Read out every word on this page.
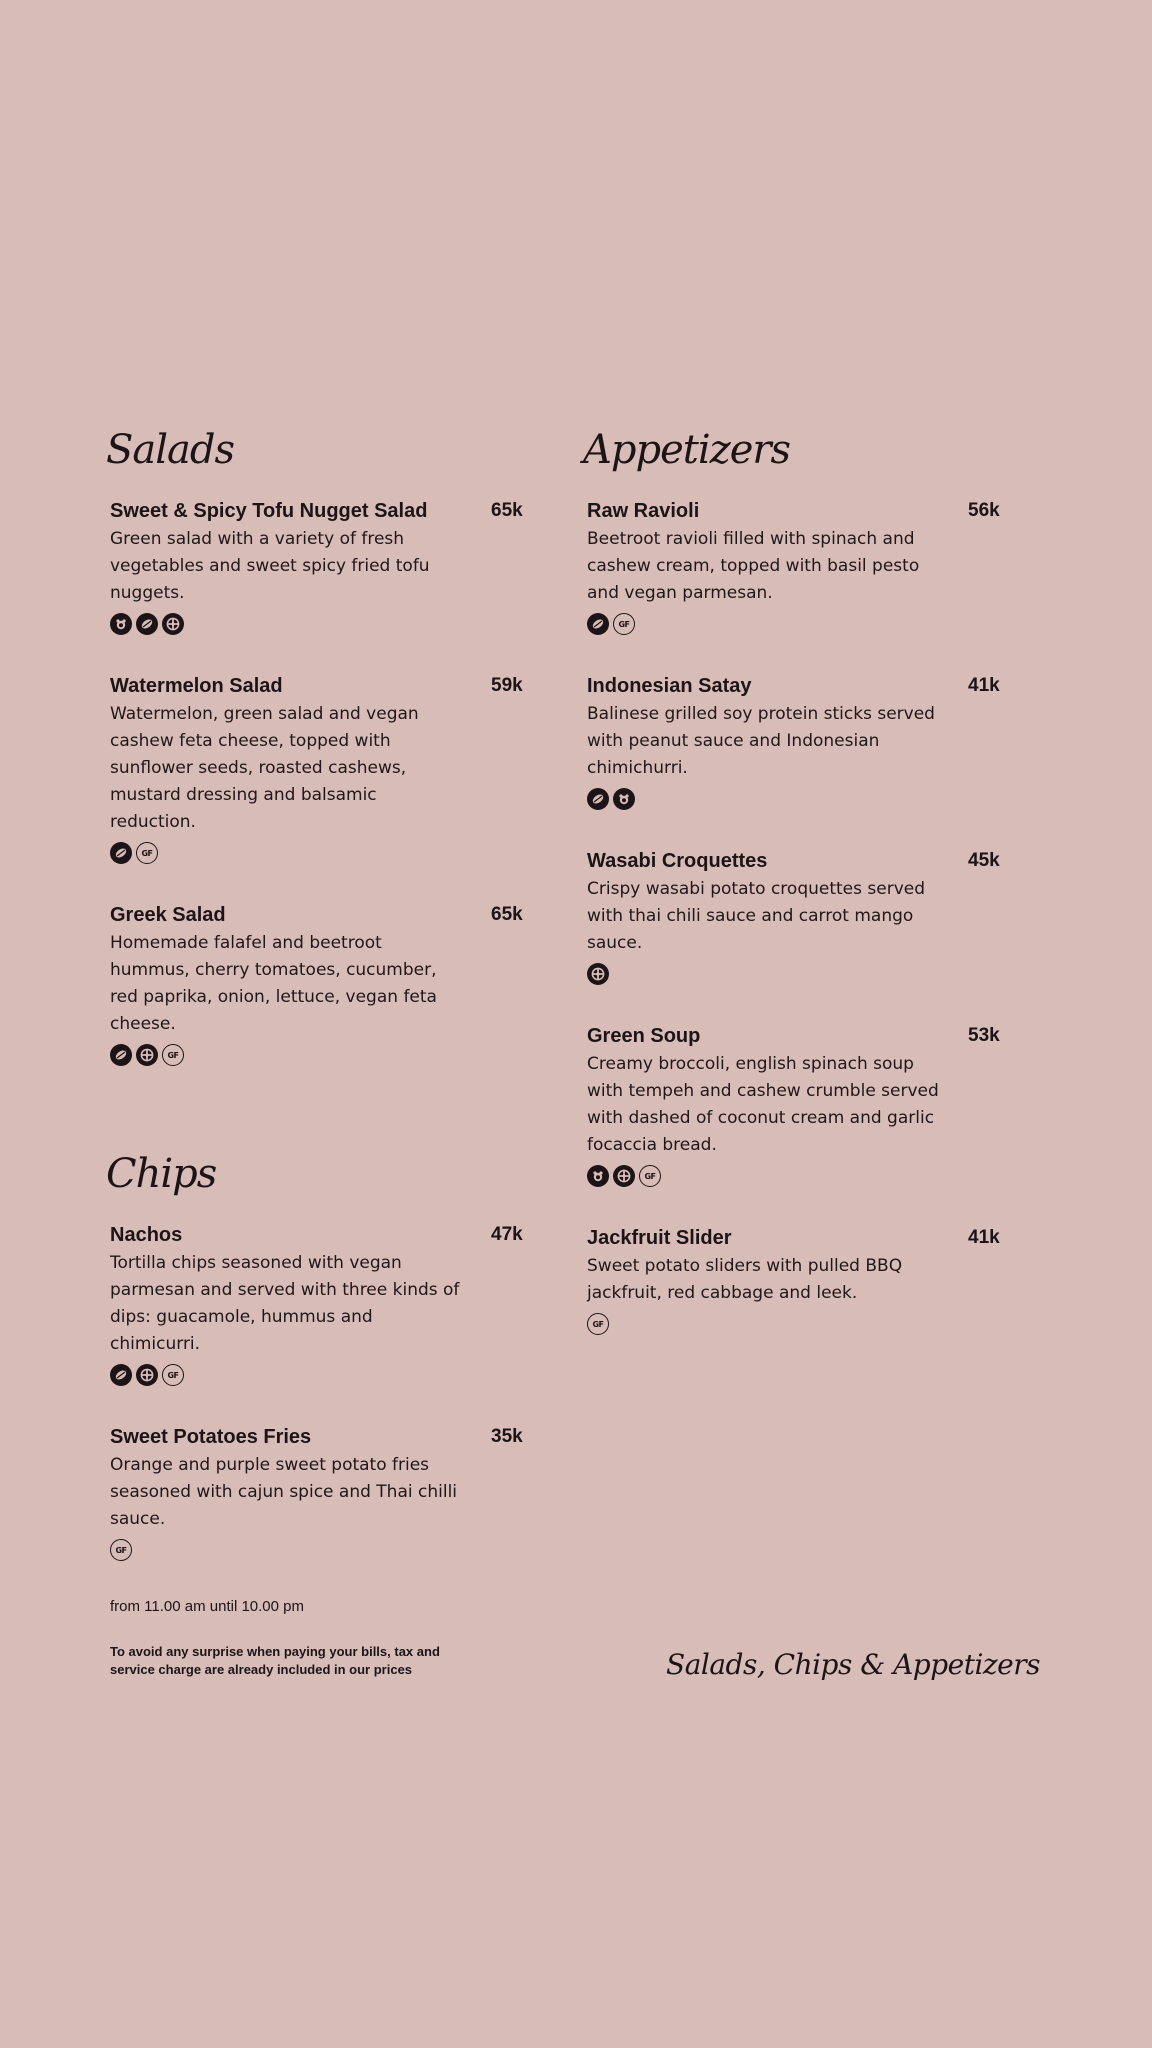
Salads
Sweet & Spicy Tofu Nugget Salad	65k
Green salad with a variety of fresh vegetables and sweet spicy fried tofu nuggets.
Watermelon Salad	59k
Watermelon, green salad and vegan cashew feta cheese, topped with sunflower seeds, roasted cashews, mustard dressing and balsamic reduction.
GF
Greek Salad	65k
Homemade falafel and beetroot hummus, cherry tomatoes, cucumber, red paprika, onion, lettuce, vegan feta cheese.
GF
Chips
Nachos	47k
Tortilla chips seasoned with vegan parmesan and served with three kinds of dips: guacamole, hummus and chimicurri.
GF
Sweet Potatoes Fries	35k
Orange and purple sweet potato fries seasoned with cajun spice and Thai chilli sauce.
GF
from 11.00 am until 10.00 pm
To avoid any surprise when paying your bills, tax and service charge are already included in our prices
Appetizers
Raw Ravioli	56k
Beetroot ravioli filled with spinach and cashew cream, topped with basil pesto and vegan parmesan.
GF
Indonesian Satay	41k
Balinese grilled soy protein sticks served with peanut sauce and Indonesian chimichurri.
Wasabi Croquettes	45k
Crispy wasabi potato croquettes served with thai chili sauce and carrot mango sauce.
Green Soup	53k
Creamy broccoli, english spinach soup with tempeh and cashew crumble served with dashed of coconut cream and garlic focaccia bread.
GF
Jackfruit Slider	41k
Sweet potato sliders with pulled BBQ jackfruit, red cabbage and leek.
GF
Salads, Chips & Appetizers
